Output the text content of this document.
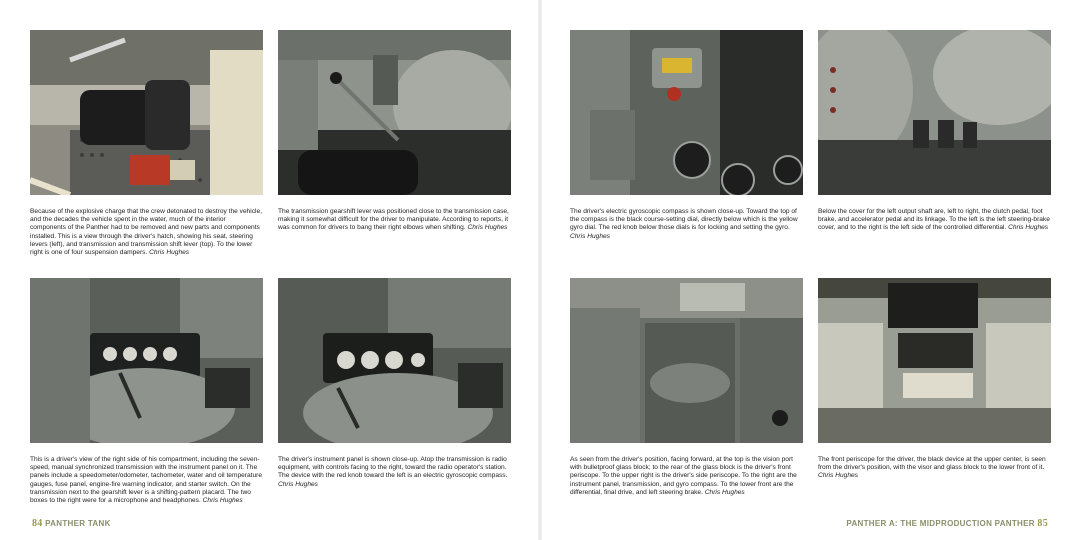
Because of the explosive charge that the crew detonated to destroy the vehicle, and the decades the vehicle spent in the water, much of the interior components of the Panther had to be removed and new parts and components installed. This is a view through the driver's hatch, showing his seat, steering levers (left), and transmission and transmission shift lever (top). To the lower right is one of four suspension dampers. Chris Hughes
The transmission gearshift lever was positioned close to the transmission case, making it somewhat difficult for the driver to manipulate. According to reports, it was common for drivers to bang their right elbows when shifting. Chris Hughes
The driver's electric gyroscopic compass is shown close-up. Toward the top of the compass is the black course-setting dial, directly below which is the yellow gyro dial. The red knob below those dials is for locking and setting the gyro. Chris Hughes
Below the cover for the left output shaft are, left to right, the clutch pedal, foot brake, and accelerator pedal and its linkage. To the left is the left steering-brake cover, and to the right is the left side of the controlled differential. Chris Hughes
This is a driver's view of the right side of his compartment, including the seven-speed, manual synchronized transmission with the instrument panel on it. The panels include a speedometer/odometer, tachometer, water and oil temperature gauges, fuse panel, engine-fire warning indicator, and starter switch. On the transmission next to the gearshift lever is a shifting-pattern placard. The two boxes to the right were for a microphone and headphones. Chris Hughes
The driver's instrument panel is shown close-up. Atop the transmission is radio equipment, with controls facing to the right, toward the radio operator's station. The device with the red knob toward the left is an electric gyroscopic compass. Chris Hughes
As seen from the driver's position, facing forward, at the top is the vision port with bulletproof glass block; to the rear of the glass block is the driver's front periscope. To the upper right is the driver's side periscope. To the right are the instrument panel, transmission, and gyro compass. To the lower front are the differential, final drive, and left steering brake. Chris Hughes
The front periscope for the driver, the black device at the upper center, is seen from the driver's position, with the visor and glass block to the lower front of it. Chris Hughes
84 PANTHER TANK	PANTHER A: THE MIDPRODUCTION PANTHER 85
